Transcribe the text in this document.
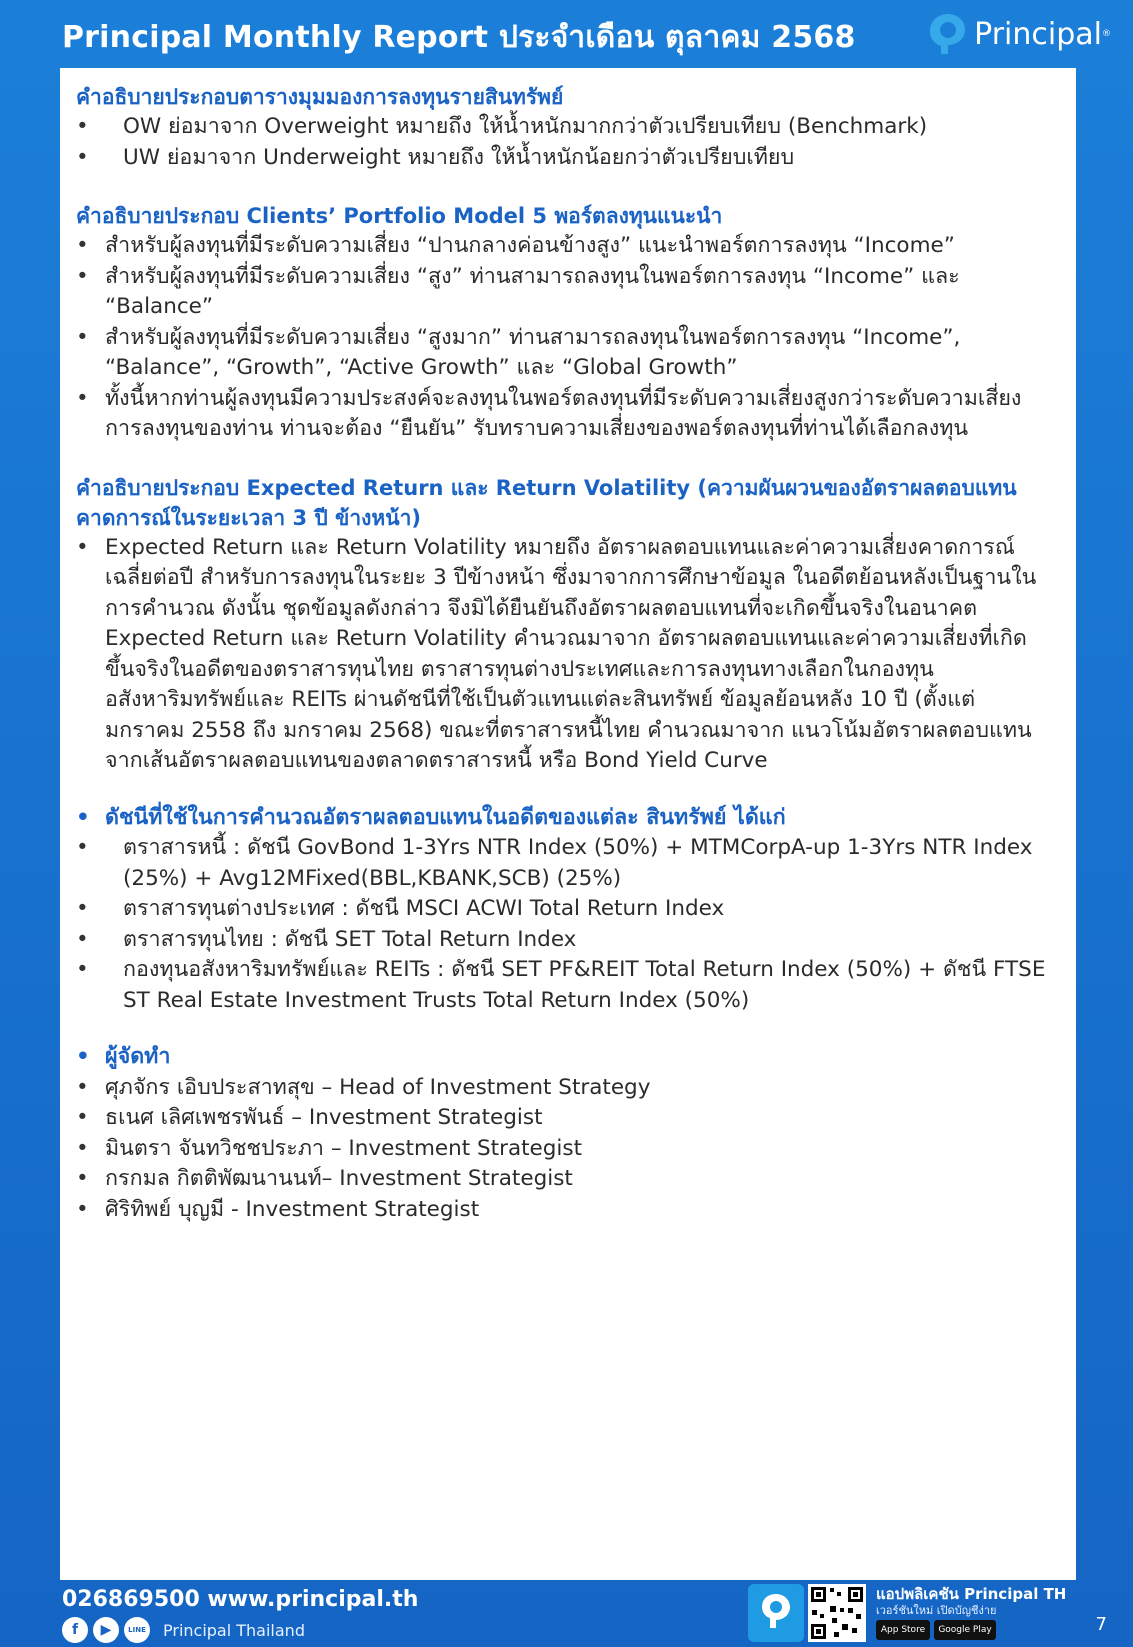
Principal Monthly Report ประจำเดือน ตุลาคม 2568	Principal ®
คำอธิบายประกอบตารางมุมมองการลงทุนรายสินทรัพย์
• OW ย่อมาจาก Overweight หมายถึง ให้น้ำหนักมากกว่าตัวเปรียบเทียบ (Benchmark)
• UW ย่อมาจาก Underweight หมายถึง ให้น้ำหนักน้อยกว่าตัวเปรียบเทียบ
คำอธิบายประกอบ Clients’ Portfolio Model 5 พอร์ตลงทุนแนะนำ
• สำหรับผู้ลงทุนที่มีระดับความเสี่ยง “ปานกลางค่อนข้างสูง” แนะนำพอร์ตการลงทุน “Income”
• สำหรับผู้ลงทุนที่มีระดับความเสี่ยง “สูง” ท่านสามารถลงทุนในพอร์ตการลงทุน “Income” และ “Balance”
• สำหรับผู้ลงทุนที่มีระดับความเสี่ยง “สูงมาก” ท่านสามารถลงทุนในพอร์ตการลงทุน “Income”, “Balance”, “Growth”, “Active Growth” และ “Global Growth”
• ทั้งนี้หากท่านผู้ลงทุนมีความประสงค์จะลงทุนในพอร์ตลงทุนที่มีระดับความเสี่ยงสูงกว่าระดับความเสี่ยงการลงทุนของท่าน ท่านจะต้อง “ยืนยัน” รับทราบความเสี่ยงของพอร์ตลงทุนที่ท่านได้เลือกลงทุน
คำอธิบายประกอบ Expected Return และ Return Volatility (ความผันผวนของอัตราผลตอบแทนคาดการณ์ในระยะเวลา 3 ปี ข้างหน้า)
• Expected Return และ Return Volatility หมายถึง อัตราผลตอบแทนและค่าความเสี่ยงคาดการณ์เฉลี่ยต่อปี สำหรับการลงทุนในระยะ 3 ปีข้างหน้า ซึ่งมาจากการศึกษาข้อมูล ในอดีตย้อนหลังเป็นฐานในการคำนวณ ดังนั้น ชุดข้อมูลดังกล่าว จึงมิได้ยืนยันถึงอัตราผลตอบแทนที่จะเกิดขึ้นจริงในอนาคต Expected Return และ Return Volatility คำนวณมาจาก อัตราผลตอบแทนและค่าความเสี่ยงที่เกิดขึ้นจริงในอดีตของตราสารทุนไทย ตราสารทุนต่างประเทศและการลงทุนทางเลือกในกองทุนอสังหาริมทรัพย์และ REITs ผ่านดัชนีที่ใช้เป็นตัวแทนแต่ละสินทรัพย์ ข้อมูลย้อนหลัง 10 ปี (ตั้งแต่ มกราคม 2558 ถึง มกราคม 2568) ขณะที่ตราสารหนี้ไทย คำนวณมาจาก แนวโน้มอัตราผลตอบแทนจากเส้นอัตราผลตอบแทนของตลาดตราสารหนี้ หรือ Bond Yield Curve
• ดัชนีที่ใช้ในการคำนวณอัตราผลตอบแทนในอดีตของแต่ละ สินทรัพย์ ได้แก่
• ตราสารหนี้ : ดัชนี GovBond 1-3Yrs NTR Index (50%) + MTMCorpA-up 1-3Yrs NTR Index (25%) + Avg12MFixed(BBL,KBANK,SCB) (25%)
• ตราสารทุนต่างประเทศ : ดัชนี MSCI ACWI Total Return Index
• ตราสารทุนไทย : ดัชนี SET Total Return Index
• กองทุนอสังหาริมทรัพย์และ REITs : ดัชนี SET PF&REIT Total Return Index (50%) + ดัชนี FTSE ST Real Estate Investment Trusts Total Return Index (50%)
• ผู้จัดทำ
• ศุภจักร เอิบประสาทสุข – Head of Investment Strategy
• ธเนศ เลิศเพชรพันธ์ – Investment Strategist
• มินตรา จันทวิชชประภา – Investment Strategist
• กรกมล กิตติพัฒนานนท์– Investment Strategist
• ศิริทิพย์ บุญมี - Investment Strategist
026869500 www.principal.th
f	▶	LINE Principal Thailand
แอปพลิเคชัน Principal TH
เวอร์ชันใหม่ เปิดบัญชีง่าย
App Store Google Play	7
